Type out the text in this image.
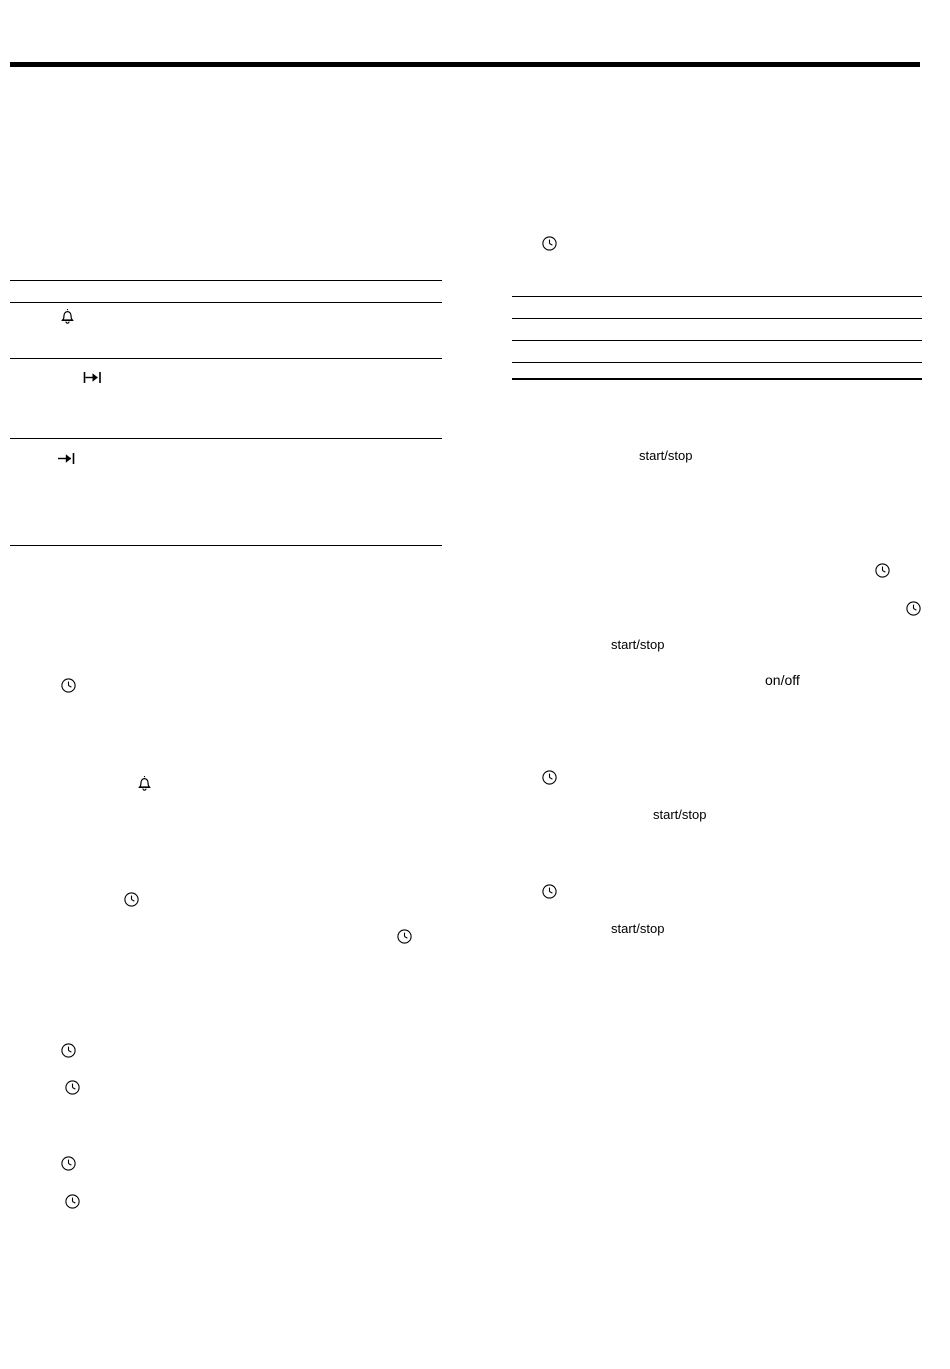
start/stop
start/stop
on/off
start/stop
start/stop
